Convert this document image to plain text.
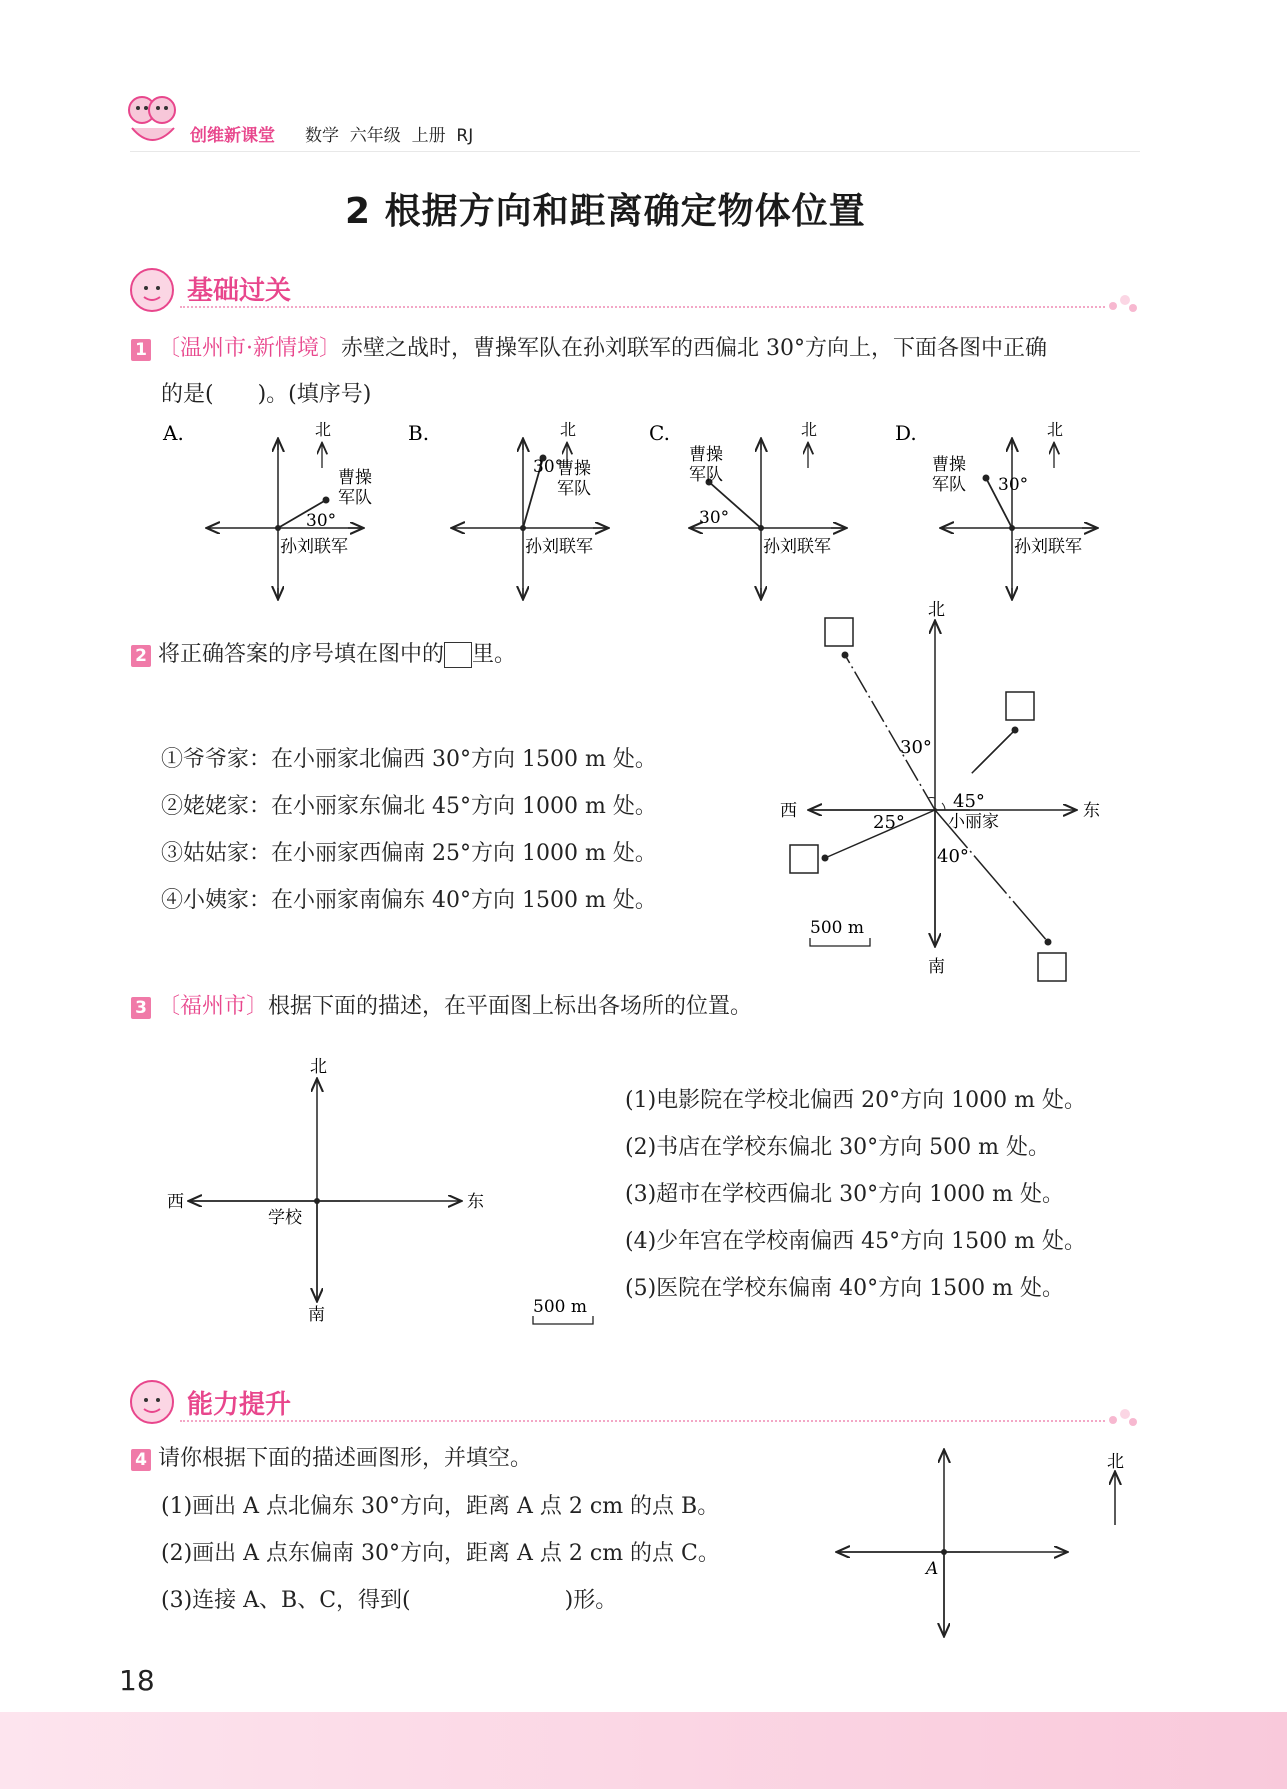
创维新课堂 数学  六年级  上册  RJ
2 根据方向和距离确定物体位置
基础过关
1 〔温州市·新情境〕赤壁之战时，曹操军队在孙刘联军的西偏北 30°方向上，下面各图中正确
的是(　　)。(填序号)
A.	北
曹操
军队
30°
孙刘联军
B.	北
曹操
军队
30°
孙刘联军
C.	北
曹操
军队
30°
孙刘联军
D.	北
曹操
军队 30°
孙刘联军
2 将正确答案的序号填在图中的 里。
①爷爷家：在小丽家北偏西 30°方向 1500 m 处。
②姥姥家：在小丽家东偏北 45°方向 1000 m 处。
③姑姑家：在小丽家西偏南 25°方向 1000 m 处。
④小姨家：在小丽家南偏东 40°方向 1500 m 处。
北
南
东
西
小丽家
30°
45°
25°
40°
500 m
3 〔福州市〕根据下面的描述，在平面图上标出各场所的位置。
北
南
东
西
学校
500 m
(1)电影院在学校北偏西 20°方向 1000 m 处。
(2)书店在学校东偏北 30°方向 500 m 处。
(3)超市在学校西偏北 30°方向 1000 m 处。
(4)少年宫在学校南偏西 45°方向 1500 m 处。
(5)医院在学校东偏南 40°方向 1500 m 处。
能力提升
4 请你根据下面的描述画图形，并填空。
(1)画出 A 点北偏东 30°方向，距离 A 点 2 cm 的点 B。
(2)画出 A 点东偏南 30°方向，距离 A 点 2 cm 的点 C。
(3)连接 A、B、C，得到(　　　　　　　)形。
A
北
18
